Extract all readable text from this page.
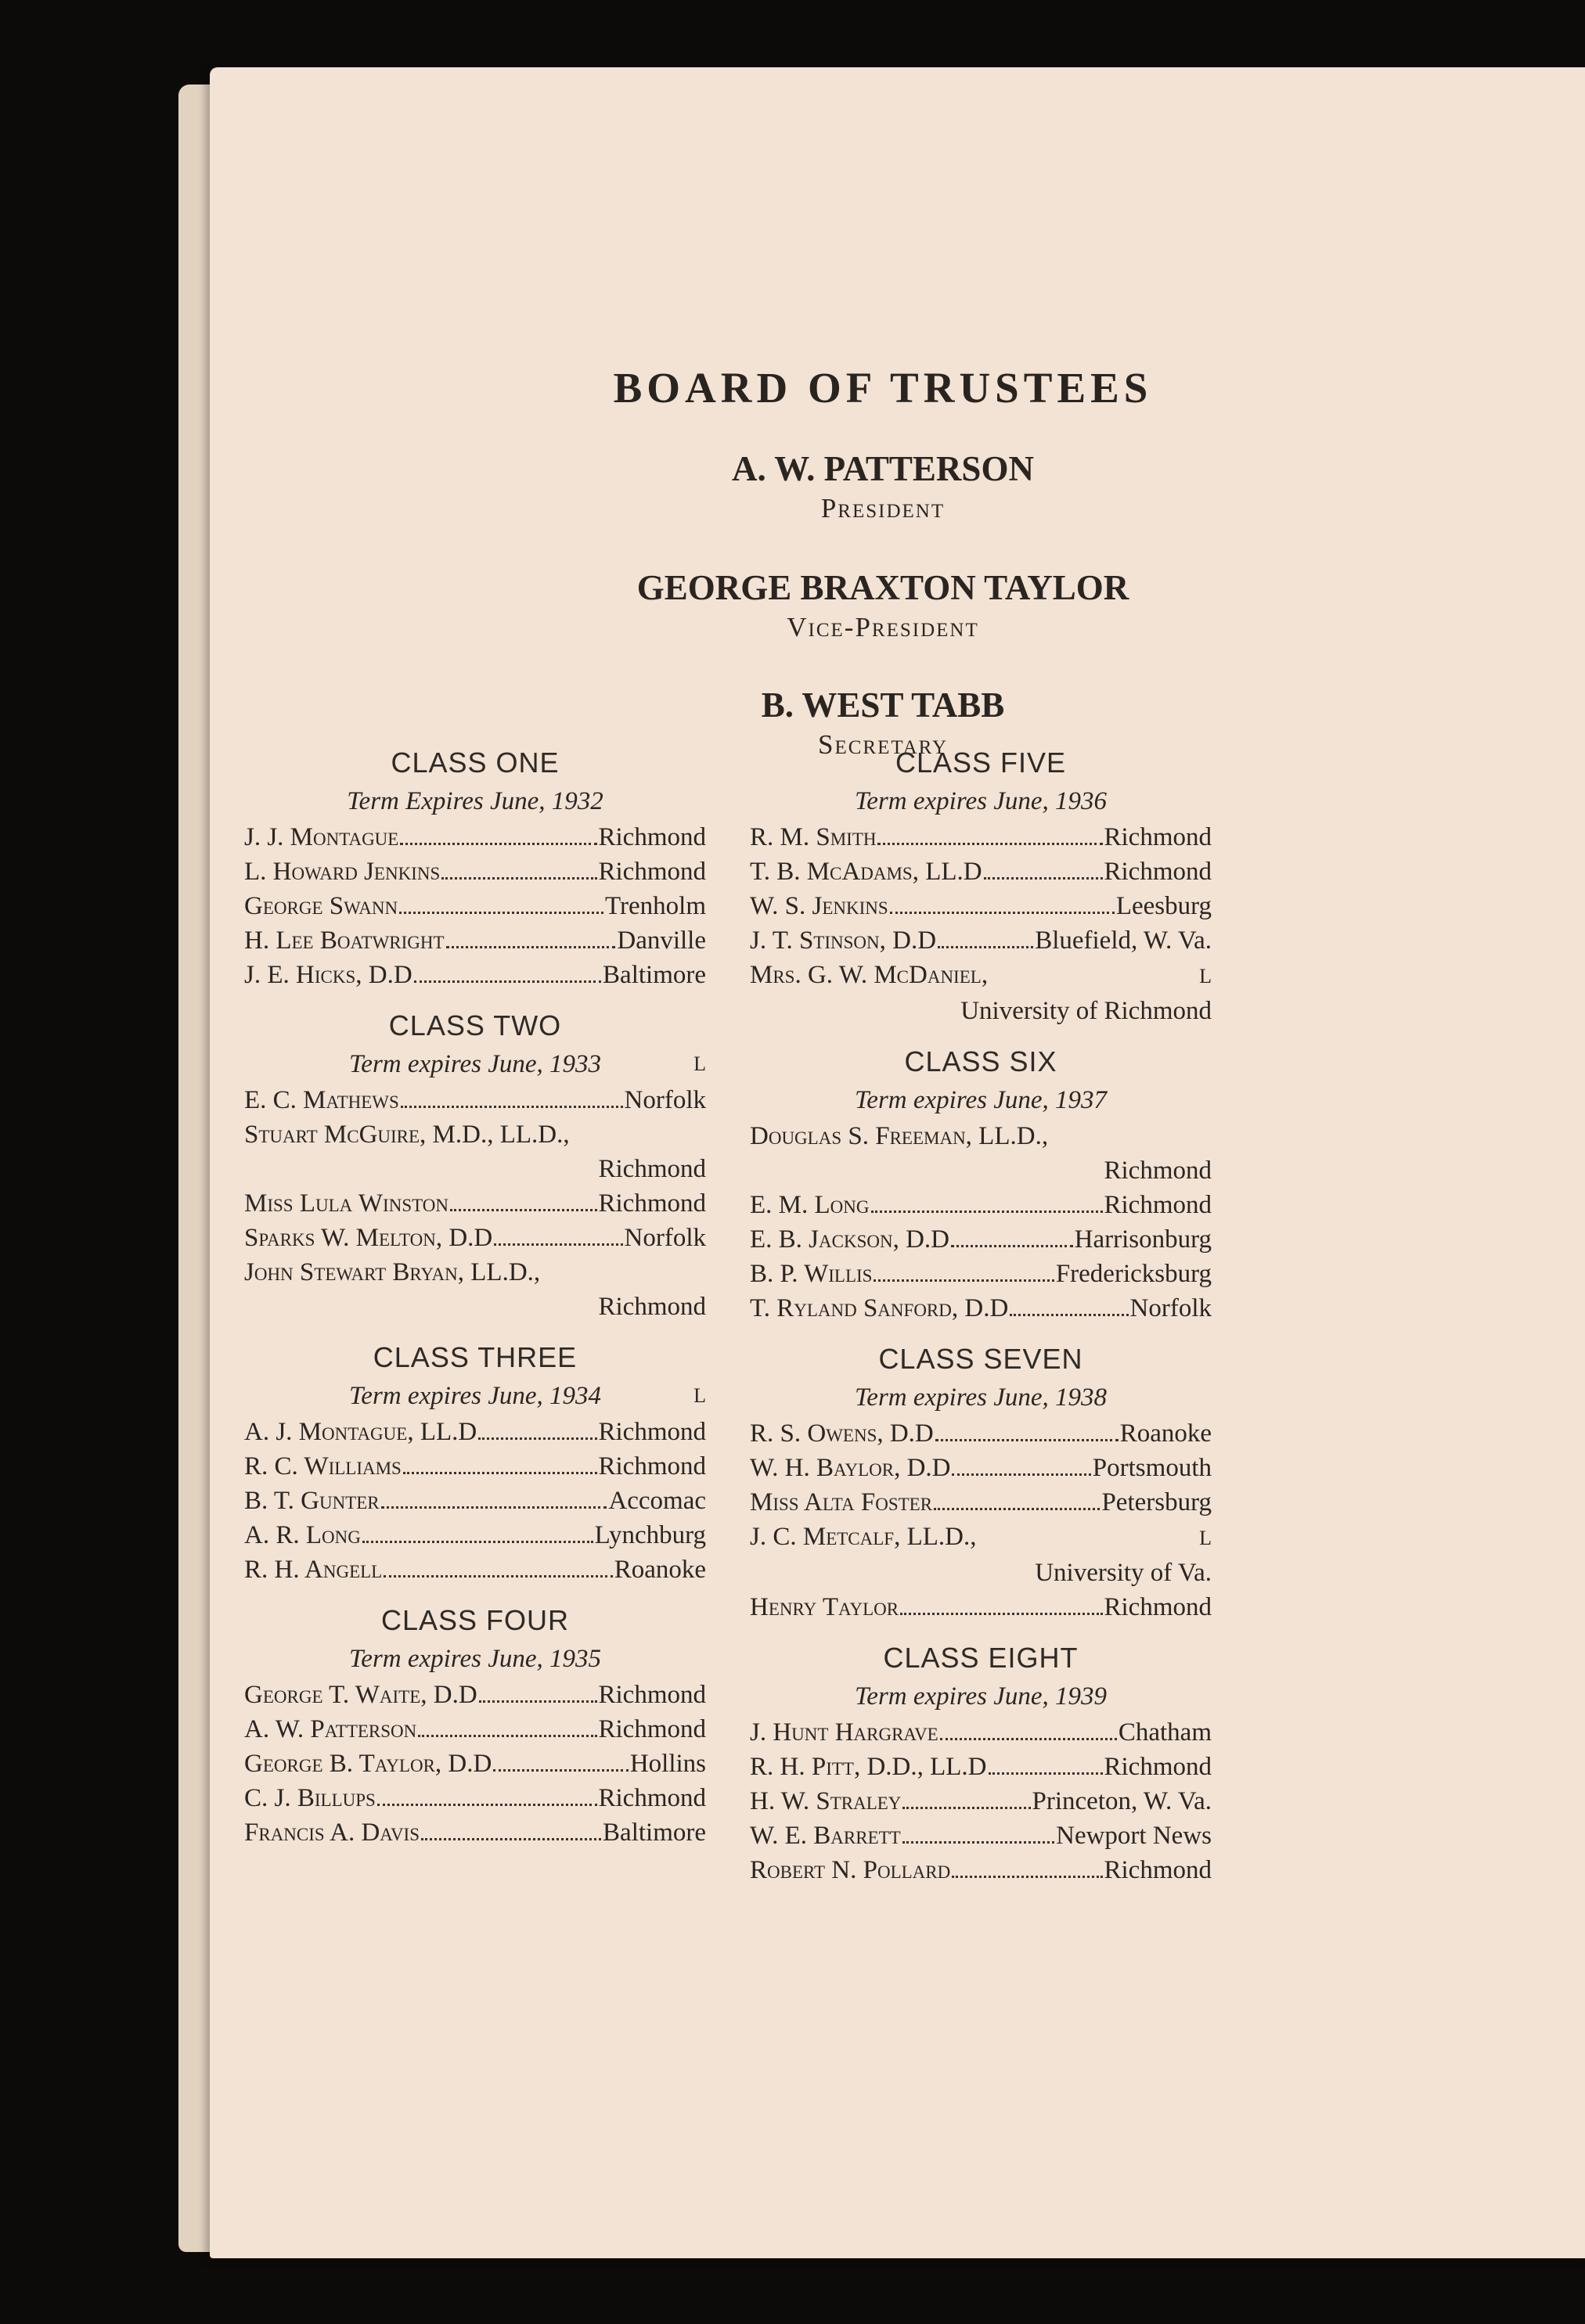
BOARD OF TRUSTEES
A. W. PATTERSON
President
GEORGE BRAXTON TAYLOR
Vice-President
B. WEST TABB
Secretary
CLASS ONE
Term Expires June, 1932
J. J. Montague	Richmond
L. Howard Jenkins	Richmond
George Swann	Trenholm
H. Lee Boatwright	Danville
J. E. Hicks, D.D	Baltimore
CLASS TWO
Term expires June, 1933	L
E. C. Mathews	Norfolk
Stuart McGuire, M.D., LL.D.,
Richmond
Miss Lula Winston	Richmond
Sparks W. Melton, D.D	Norfolk
John Stewart Bryan, LL.D.,
Richmond
CLASS THREE
Term expires June, 1934	L
A. J. Montague, LL.D	Richmond
R. C. Williams	Richmond
B. T. Gunter	Accomac
A. R. Long	Lynchburg
R. H. Angell	Roanoke
CLASS FOUR
Term expires June, 1935
George T. Waite, D.D	Richmond
A. W. Patterson	Richmond
George B. Taylor, D.D	Hollins
C. J. Billups	Richmond
Francis A. Davis	Baltimore
CLASS FIVE
Term expires June, 1936
R. M. Smith	Richmond
T. B. McAdams, LL.D	Richmond
W. S. Jenkins	Leesburg
J. T. Stinson, D.D	Bluefield, W. Va.
Mrs. G. W. McDaniel,	L
University of Richmond
CLASS SIX
Term expires June, 1937
Douglas S. Freeman, LL.D.,
Richmond
E. M. Long	Richmond
E. B. Jackson, D.D	Harrisonburg
B. P. Willis	Fredericksburg
T. Ryland Sanford, D.D	Norfolk
CLASS SEVEN
Term expires June, 1938
R. S. Owens, D.D	Roanoke
W. H. Baylor, D.D	Portsmouth
Miss Alta Foster	Petersburg
J. C. Metcalf, LL.D.,	L
University of Va.
Henry Taylor	Richmond
CLASS EIGHT
Term expires June, 1939
J. Hunt Hargrave	Chatham
R. H. Pitt, D.D., LL.D	Richmond
H. W. Straley	Princeton, W. Va.
W. E. Barrett	Newport News
Robert N. Pollard	Richmond
